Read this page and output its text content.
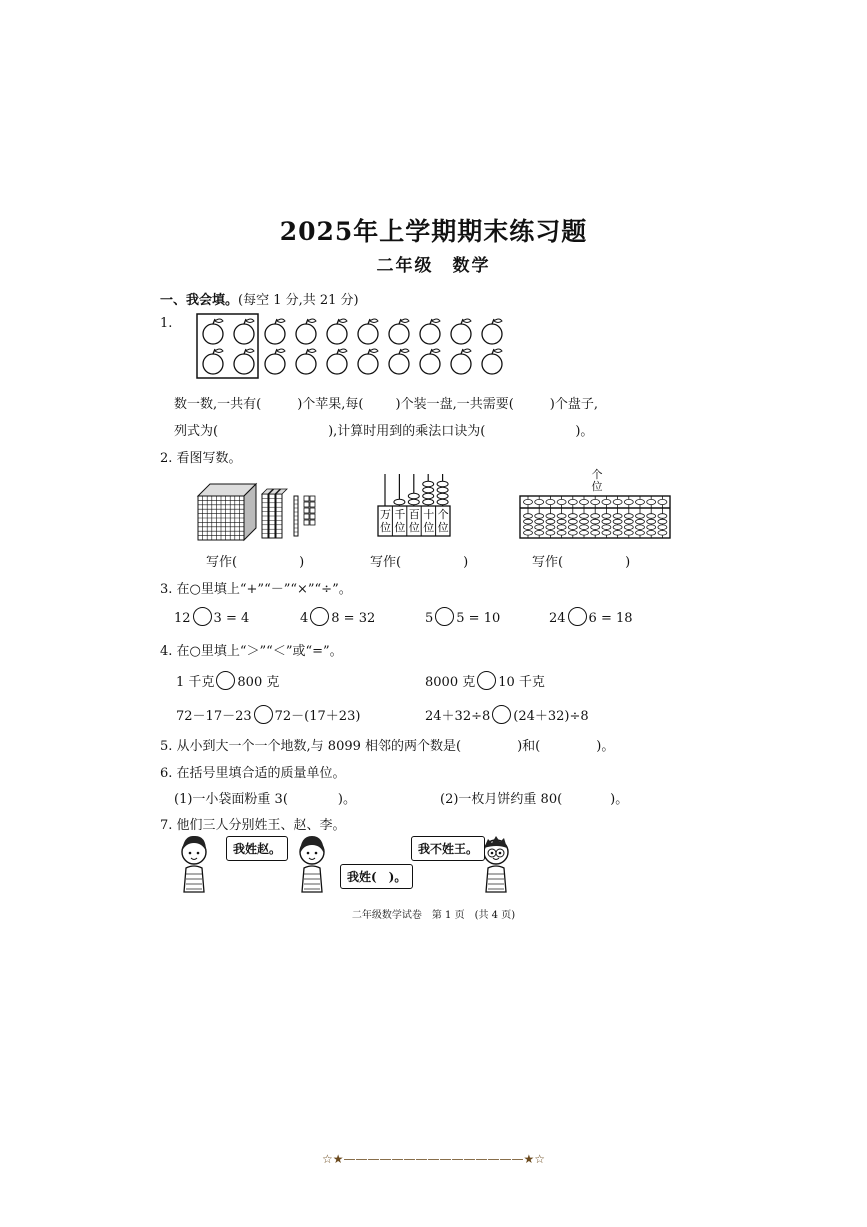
2025年上学期期末练习题
二年级　数学
一、我会填。(每空 1 分,共 21 分)
1.
数一数,一共有(	)个苹果,每( )个装一盘,一共需要(	)个盘子,
列式为(	),计算时用到的乘法口诀为(	)。
2. 看图写数。
万位
千位
百位
十位
个位
个位
写作(	)	写作(	)	写作(	)
3. 在○里填上“+”“－”“×”“÷”。
12 3 = 4	4 8 = 32	5 5 = 10	24 6 = 18
4. 在○里填上“＞”“＜”或“=”。
1 千克 800 克	8000 克 10 千克
72－17－23 72－(17＋23)	24＋32÷8 (24＋32)÷8
5. 从小到大一个一个地数,与 8099 相邻的两个数是(	)和(	)。
6. 在括号里填合适的质量单位。
(1)一小袋面粉重 3(	)。	(2)一枚月饼约重 80(	)。
7. 他们三人分别姓王、赵、李。
我姓赵。
我姓(　)。
我不姓王。
二年级数学试卷　第 1 页　(共 4 页)
☆★———————————————★☆
